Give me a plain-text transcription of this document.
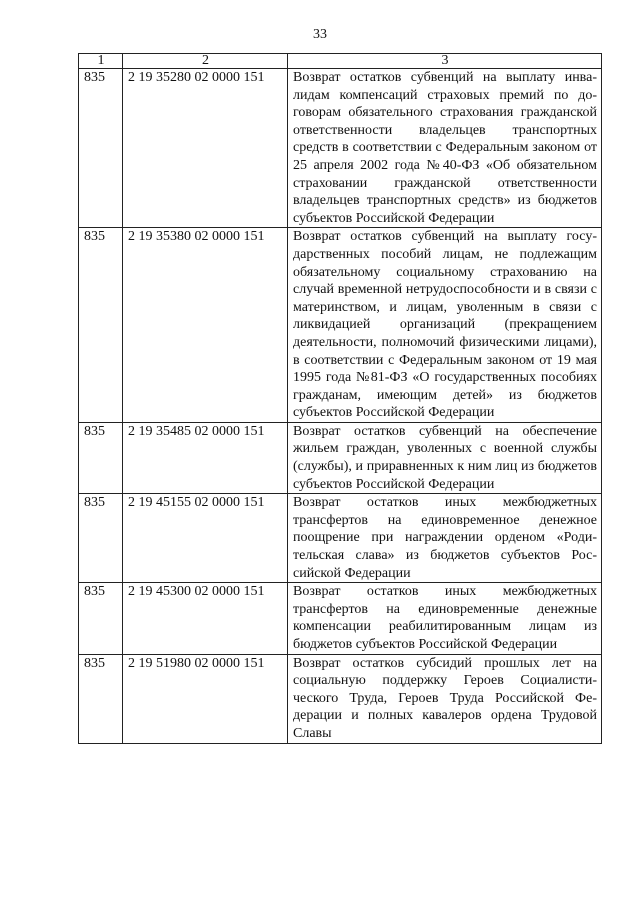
33
1	2	3
835	2 19 35280 02 0000 151	Возврат остатков субвенций на выплату инвалидам компенсаций страховых премий по договорам обязательного страхования гражданской ответственности владельцев транспортных средств в соответствии с Федеральным законом от 25 апреля 2002 года №40-ФЗ «Об обязательном страховании гражданской ответственности владельцев транспортных средств» из бюджетов субъектов Российской Федерации
835	2 19 35380 02 0000 151	Возврат остатков субвенций на выплату государственных пособий лицам, не подлежащим обязательному социальному страхованию на случай временной нетрудоспособности и в связи с материнством, и лицам, уволенным в связи с ликвидацией организаций (прекращением деятельности, полномочий физическими лицами), в соответствии с Федеральным законом от 19 мая 1995 года №81-ФЗ «О государственных пособиях гражданам, имеющим детей» из бюджетов субъектов Российской Федерации
835	2 19 35485 02 0000 151	Возврат остатков субвенций на обеспечение жильем граждан, уволенных с военной службы (службы), и приравненных к ним лиц из бюджетов субъектов Российской Федерации
835	2 19 45155 02 0000 151	Возврат остатков иных межбюджетных трансфертов на единовременное денежное поощрение при награждении орденом «Родительская слава» из бюджетов субъектов Российской Федерации
835	2 19 45300 02 0000 151	Возврат остатков иных межбюджетных трансфертов на единовременные денежные компенсации реабилитированным лицам из бюджетов субъектов Российской Федерации
835	2 19 51980 02 0000 151	Возврат остатков субсидий прошлых лет на социальную поддержку Героев Социалистического Труда, Героев Труда Российской Федерации и полных кавалеров ордена Трудовой Славы
